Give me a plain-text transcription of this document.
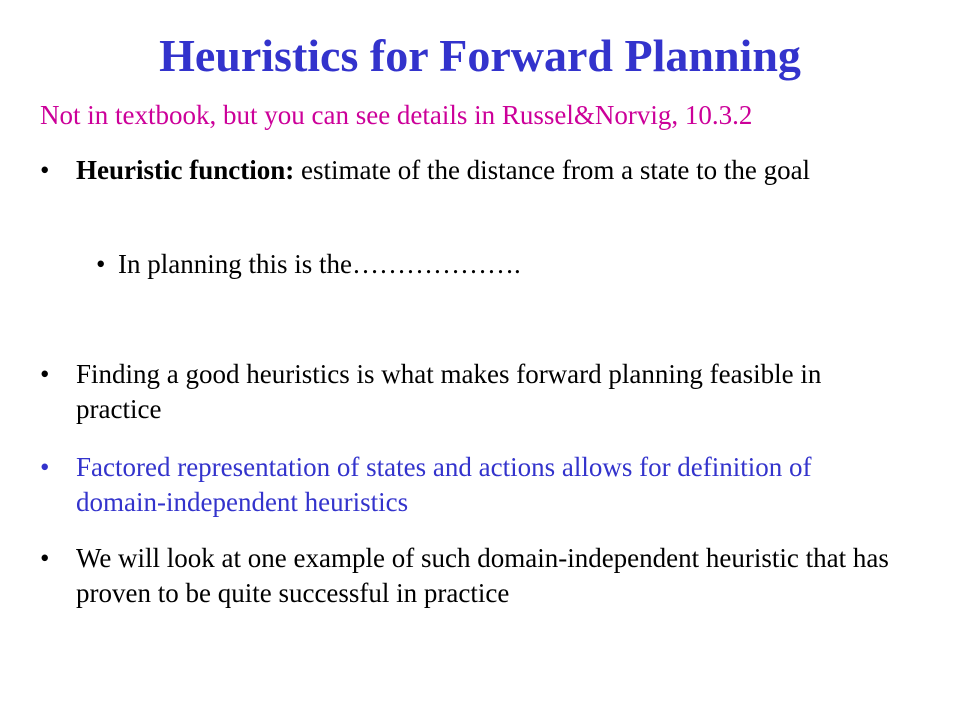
Heuristics for Forward Planning
Not in textbook, but you can see details in Russel&Norvig, 10.3.2
• Heuristic function: estimate of the distance from a state to the goal
• In planning this is the……………….
• Finding a good heuristics is what makes forward planning feasible in practice
• Factored representation of states and actions allows for definition of domain-independent heuristics
• We will look at one example of such domain-independent heuristic that has proven to be quite successful in practice
